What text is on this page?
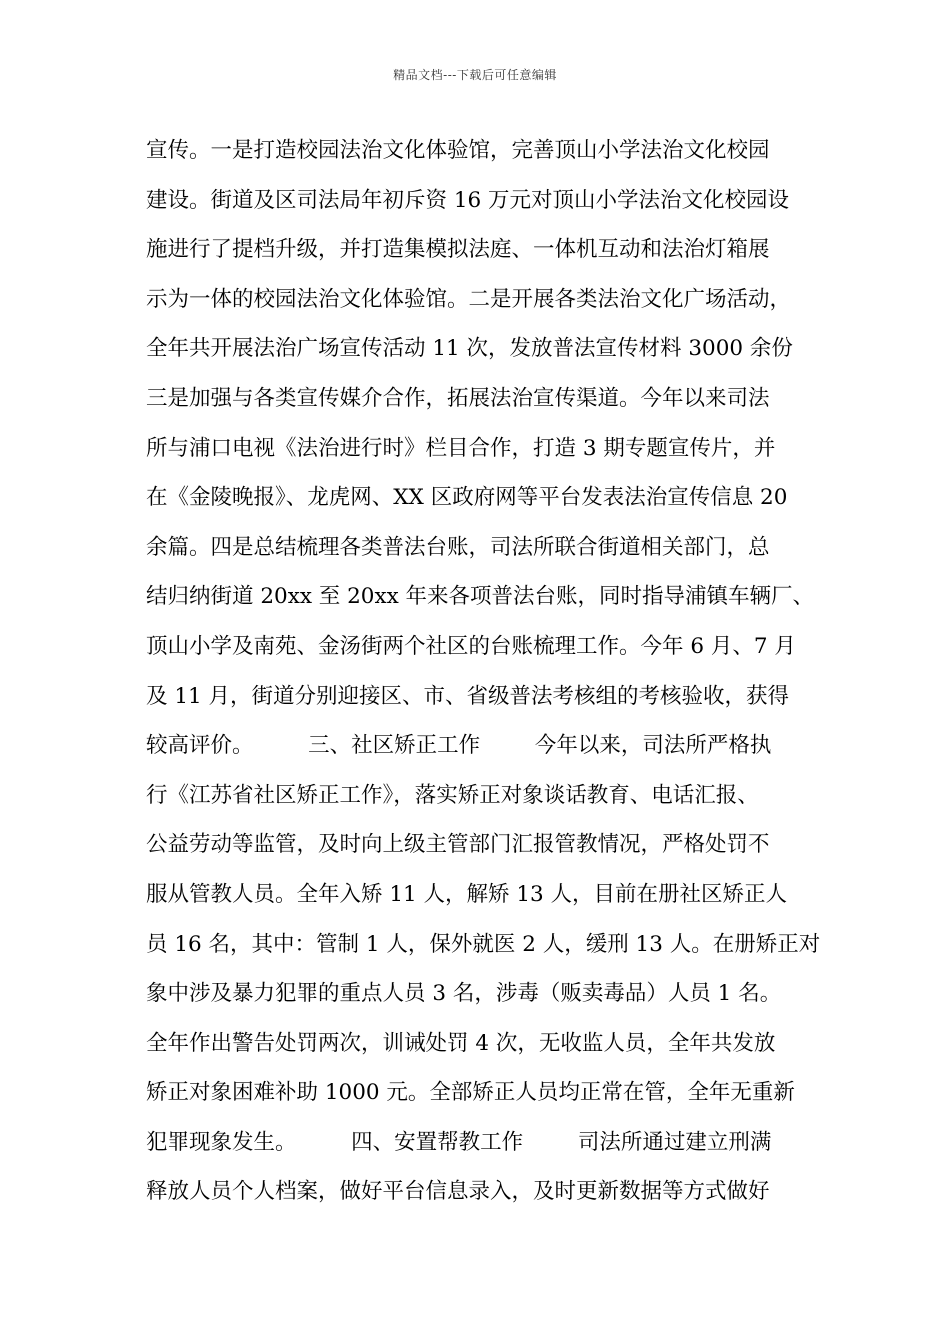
精品文档---下载后可任意编辑
宣传。一是打造校园法治文化体验馆，完善顶山小学法治文化校园
建设。街道及区司法局年初斥资 16 万元对顶山小学法治文化校园设
施进行了提档升级，并打造集模拟法庭、一体机互动和法治灯箱展
示为一体的校园法治文化体验馆。二是开展各类法治文化广场活动，
全年共开展法治广场宣传活动 11 次，发放普法宣传材料 3000 余份
三是加强与各类宣传媒介合作，拓展法治宣传渠道。今年以来司法
所与浦口电视《法治进行时》栏目合作，打造 3 期专题宣传片，并
在《金陵晚报》、龙虎网、XX 区政府网等平台发表法治宣传信息 20
余篇。四是总结梳理各类普法台账，司法所联合街道相关部门，总
结归纳街道 20xx 至 20xx 年来各项普法台账，同时指导浦镇车辆厂、
顶山小学及南苑、金汤街两个社区的台账梳理工作。今年 6 月、7 月
及 11 月，街道分别迎接区、市、省级普法考核组的考核验收，获得
较高评价。        三、社区矫正工作        今年以来，司法所严格执
行《江苏省社区矫正工作》，落实矫正对象谈话教育、电话汇报、
公益劳动等监管，及时向上级主管部门汇报管教情况，严格处罚不
服从管教人员。全年入矫 11 人，解矫 13 人，目前在册社区矫正人
员 16 名，其中：管制 1 人，保外就医 2 人，缓刑 13 人。在册矫正对
象中涉及暴力犯罪的重点人员 3 名，涉毒（贩卖毒品）人员 1 名。
全年作出警告处罚两次，训诫处罚 4 次，无收监人员，全年共发放
矫正对象困难补助 1000 元。全部矫正人员均正常在管，全年无重新
犯罪现象发生。        四、安置帮教工作        司法所通过建立刑满
释放人员个人档案，做好平台信息录入，及时更新数据等方式做好
